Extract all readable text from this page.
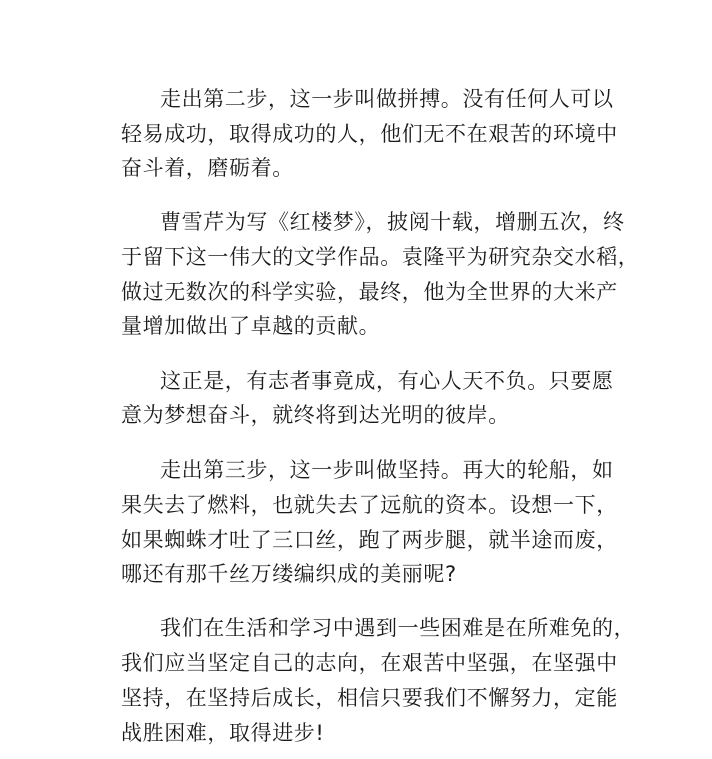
走出第二步，这一步叫做拼搏。没有任何人可以

轻易成功，取得成功的人，他们无不在艰苦的环境中

奋斗着，磨砺着。

曹雪芹为写《红楼梦》，披阅十载，增删五次，终

于留下这一伟大的文学作品。袁隆平为研究杂交水稻，

做过无数次的科学实验，最终，他为全世界的大米产

量增加做出了卓越的贡献。

这正是，有志者事竟成，有心人天不负。只要愿

意为梦想奋斗，就终将到达光明的彼岸。

走出第三步，这一步叫做坚持。再大的轮船，如

果失去了燃料，也就失去了远航的资本。设想一下，

如果蜘蛛才吐了三口丝，跑了两步腿，就半途而废，

哪还有那千丝万缕编织成的美丽呢?

我们在生活和学习中遇到一些困难是在所难免的，

我们应当坚定自己的志向，在艰苦中坚强，在坚强中

坚持，在坚持后成长，相信只要我们不懈努力，定能

战胜困难，取得进步!
